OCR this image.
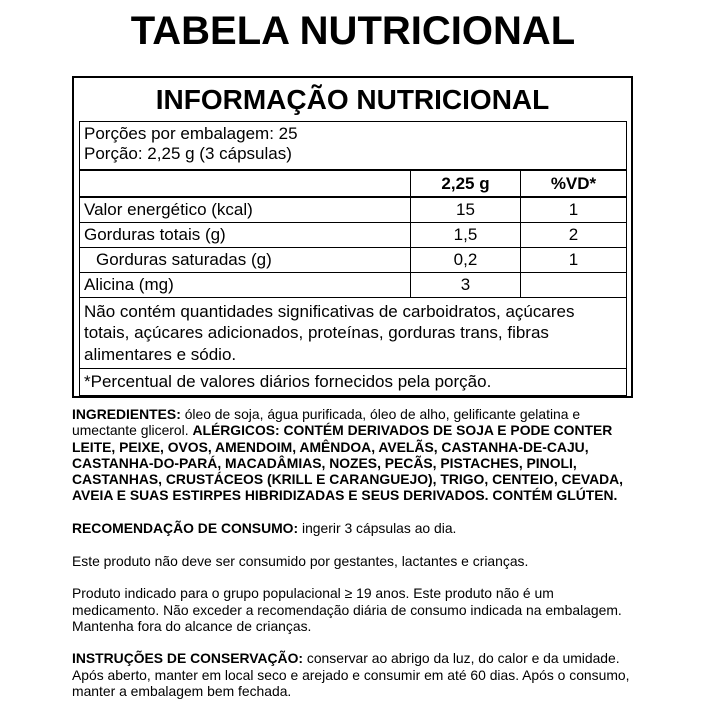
TABELA NUTRICIONAL
INFORMAÇÃO NUTRICIONAL
Porções por embalagem: 25
Porção: 2,25 g (3 cápsulas)		

	2,25 g	%VD*
Valor energético (kcal)	15	1
Gorduras totais (g)	1,5	2
Gorduras saturadas (g)	0,2	1
Alicina (mg)	3	
Não contém quantidades significativas de carboidratos, açúcares totais, açúcares adicionados, proteínas, gorduras trans, fibras alimentares e sódio.		
*Percentual de valores diários fornecidos pela porção.		
INGREDIENTES: óleo de soja, água purificada, óleo de alho, gelificante gelatina e
umectante glicerol. ALÉRGICOS: CONTÉM DERIVADOS DE SOJA E PODE CONTER
LEITE, PEIXE, OVOS, AMENDOIM, AMÊNDOA, AVELÃS, CASTANHA-DE-CAJU,
CASTANHA-DO-PARÁ, MACADÂMIAS, NOZES, PECÃS, PISTACHES, PINOLI,
CASTANHAS, CRUSTÁCEOS (KRILL E CARANGUEJO), TRIGO, CENTEIO, CEVADA,
AVEIA E SUAS ESTIRPES HIBRIDIZADAS E SEUS DERIVADOS. CONTÉM GLÚTEN.
RECOMENDAÇÃO DE CONSUMO: ingerir 3 cápsulas ao dia.
Este produto não deve ser consumido por gestantes, lactantes e crianças.
Produto indicado para o grupo populacional ≥ 19 anos. Este produto não é um
medicamento. Não exceder a recomendação diária de consumo indicada na embalagem.
Mantenha fora do alcance de crianças.
INSTRUÇÕES DE CONSERVAÇÃO: conservar ao abrigo da luz, do calor e da umidade.
Após aberto, manter em local seco e arejado e consumir em até 60 dias. Após o consumo,
manter a embalagem bem fechada.
